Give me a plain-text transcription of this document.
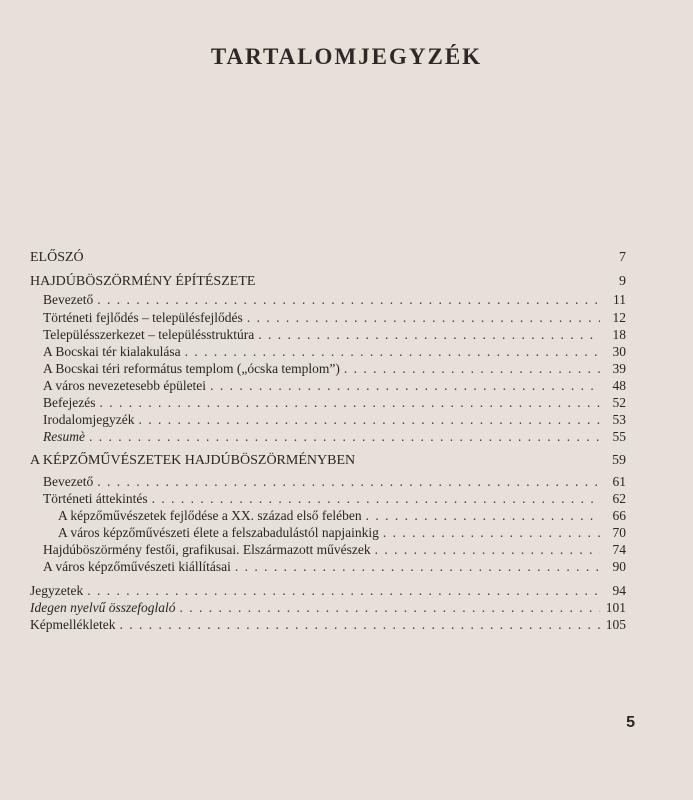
TARTALOMJEGYZÉK
ELŐSZÓ	7
HAJDÚBÖSZÖRMÉNY ÉPÍTÉSZETE	9
Bevezető . . .	11
Történeti fejlődés – településfejlődés . . .	12
Településszerkezet – településstruktúra . . .	18
A Bocskai tér kialakulása . . .	30
A Bocskai téri református templom („ócska templom”) . . .	39
A város nevezetesebb épületei . . .	48
Befejezés . . .	52
Irodalomjegyzék . . .	53
Resumè . . .	55
A KÉPZŐMŰVÉSZETEK HAJDÚBÖSZÖRMÉNYBEN	59
Bevezető . . .	61
Történeti áttekintés . . .	62
A képzőművészetek fejlődése a XX. század első felében . . .	66
A város képzőművészeti élete a felszabadulástól napjainkig . . .	70
Hajdúböszörmény festői, grafikusai. Elszármazott művészek . . .	74
A város képzőművészeti kiállításai . . .	90
Jegyzetek . . .	94
Idegen nyelvű összefoglaló . . .	101
Képmellékletek . . .	105
5
